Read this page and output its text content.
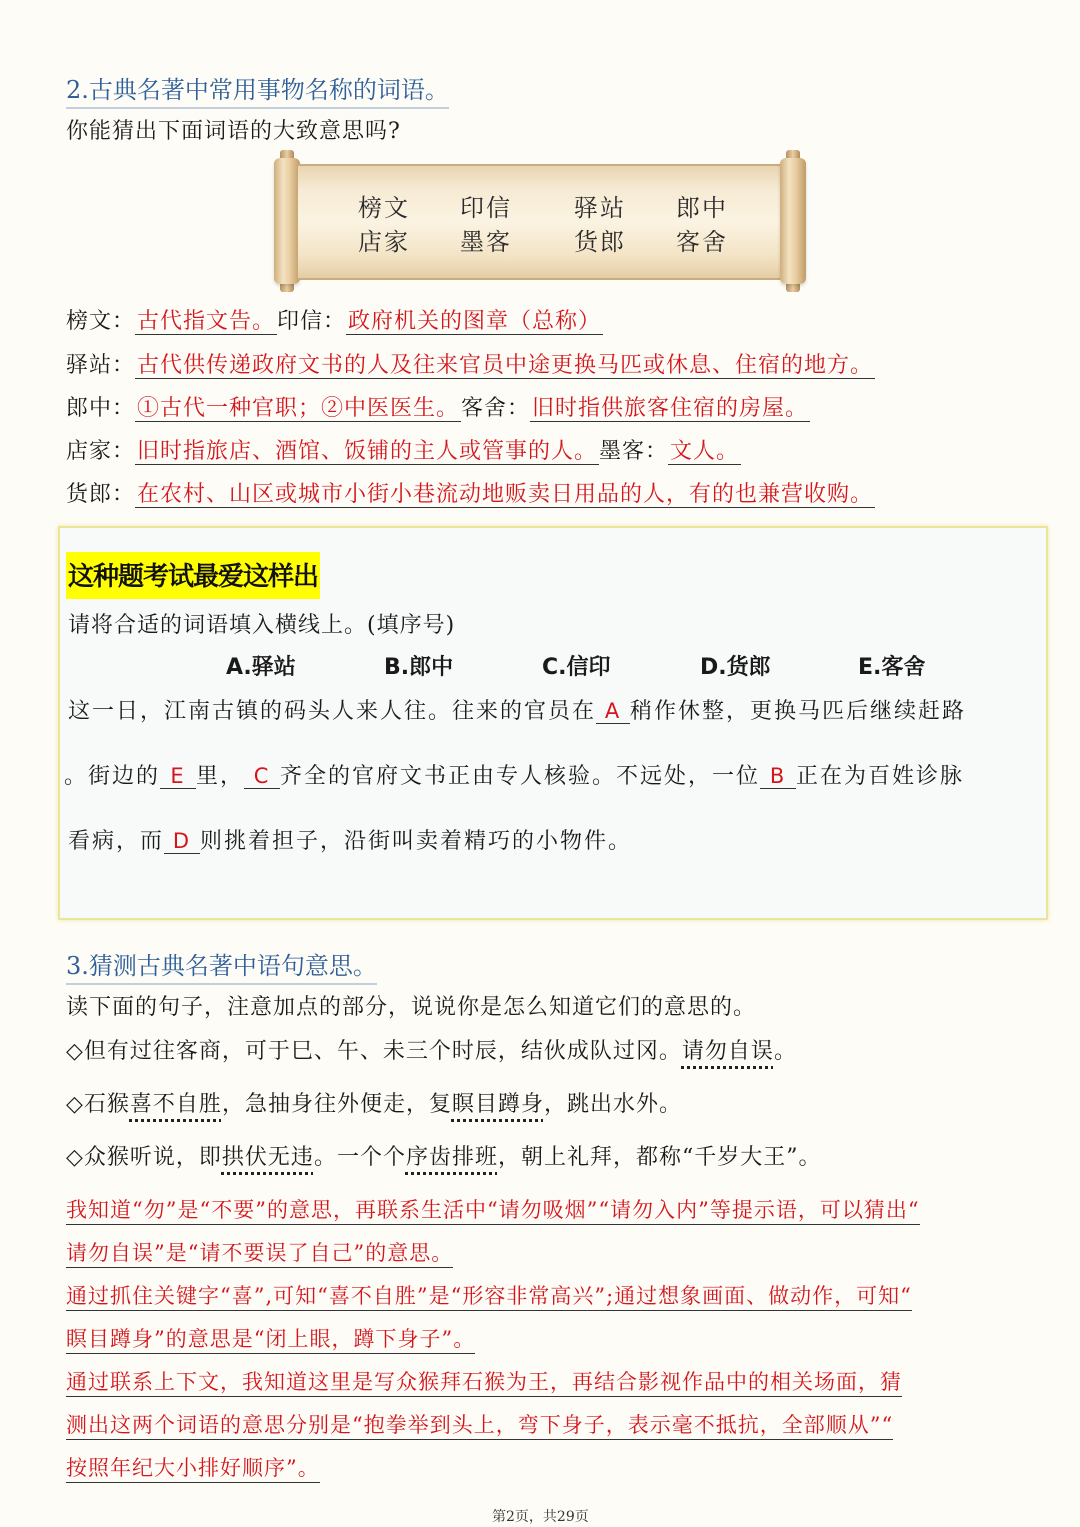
2.古典名著中常用事物名称的词语。
你能猜出下面词语的大致意思吗?
榜文 印信	驿站 郎中
店家 墨客	货郎 客舍
榜文：古代指文告。印信：政府机关的图章（总称）
驿站：古代供传递政府文书的人及往来官员中途更换马匹或休息、住宿的地方。
郎中：①古代一种官职；②中医医生。客舍：旧时指供旅客住宿的房屋。
店家：旧时指旅店、酒馆、饭铺的主人或管事的人。墨客：文人。
货郎：在农村、山区或城市小街小巷流动地贩卖日用品的人，有的也兼营收购。
这种题考试最爱这样出
请将合适的词语填入横线上。(填序号)
A.驿站	B.郎中	C.信印	D.货郎	E.客舍
这一日，江南古镇的码头人来人往。往来的官员在 A 稍作休整，更换马匹后继续赶路
。街边的 E 里， C 齐全的官府文书正由专人核验。不远处，一位 B 正在为百姓诊脉
看病，而 D 则挑着担子，沿街叫卖着精巧的小物件。
3.猜测古典名著中语句意思。
读下面的句子，注意加点的部分，说说你是怎么知道它们的意思的。
◇但有过往客商，可于巳、午、未三个时辰，结伙成队过冈。请勿自误。
◇石猴喜不自胜，急抽身往外便走，复瞑目蹲身，跳出水外。
◇众猴听说，即拱伏无违。一个个序齿排班，朝上礼拜，都称“千岁大王”。
我知道“勿”是“不要”的意思，再联系生活中“请勿吸烟”“请勿入内”等提示语，可以猜出“
请勿自误”是“请不要误了自己”的意思。
通过抓住关键字“喜”,可知“喜不自胜”是“形容非常高兴”;通过想象画面、做动作，可知“
瞑目蹲身”的意思是“闭上眼，蹲下身子”。
通过联系上下文，我知道这里是写众猴拜石猴为王，再结合影视作品中的相关场面，猜
测出这两个词语的意思分别是“抱拳举到头上，弯下身子，表示毫不抵抗，全部顺从”“
按照年纪大小排好顺序”。
第2页，共29页
